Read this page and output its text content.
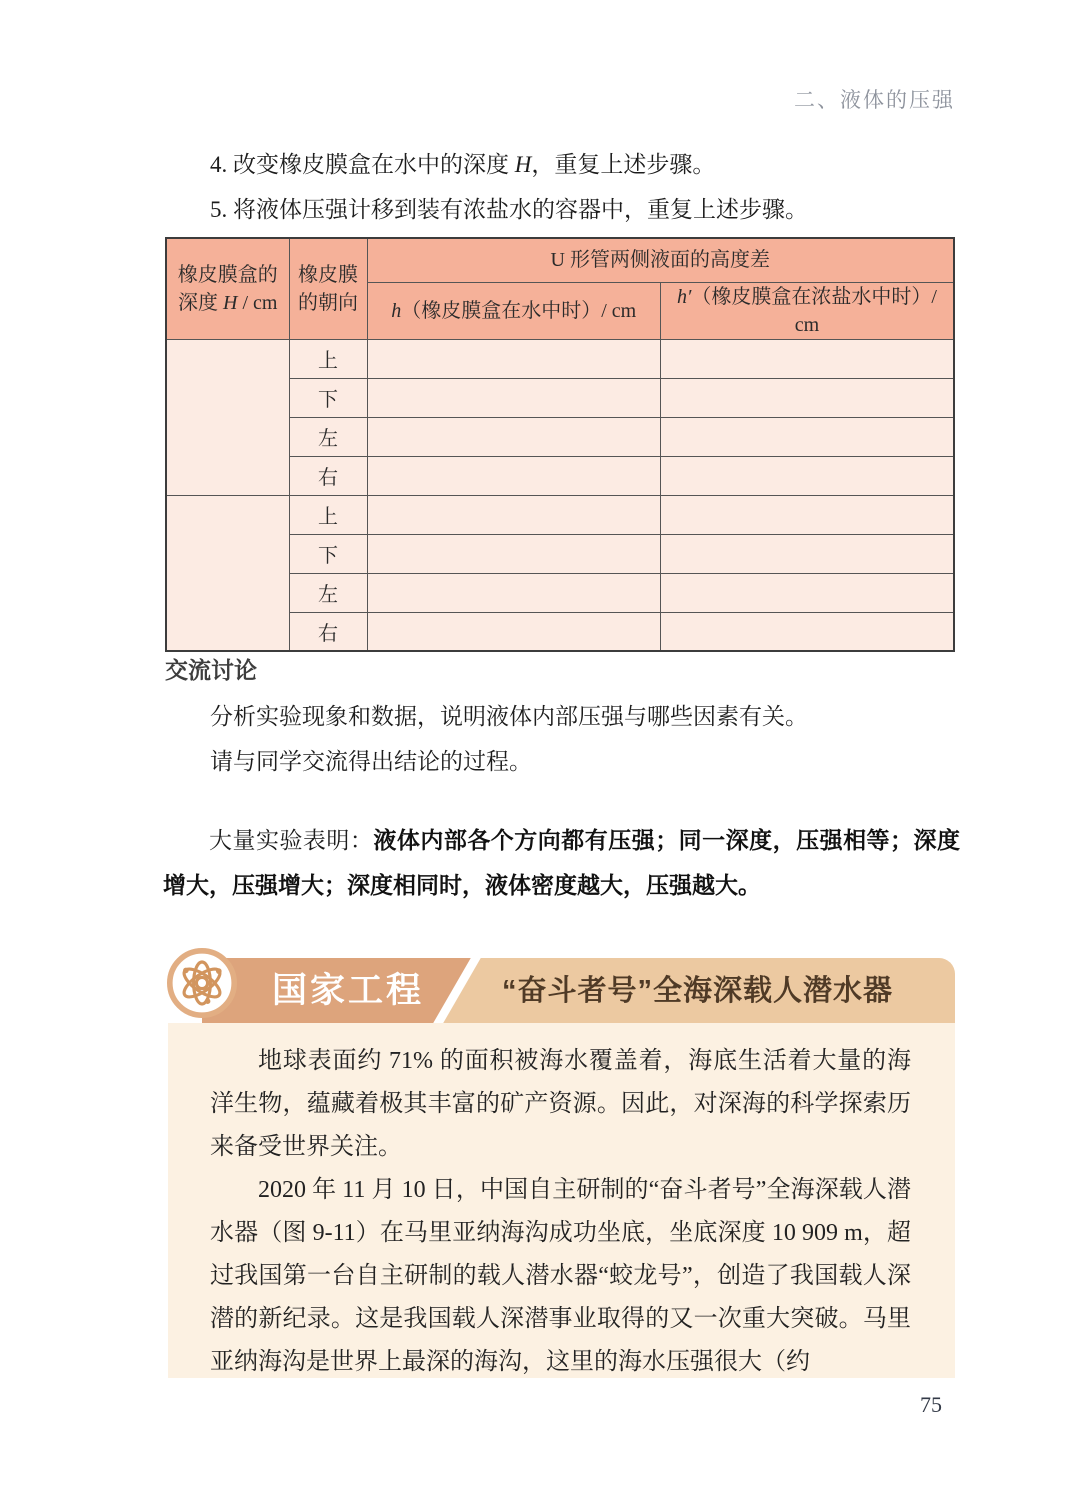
二、液体的压强

4. 改变橡皮膜盒在水中的深度 H，重复上述步骤。

5. 将液体压强计移到装有浓盐水的容器中，重复上述步骤。

橡皮膜盒的
深度 H / cm

橡皮膜
的朝向
	U 形管两侧液面的高度差
		h（橡皮膜盒在水中时）/ cm	h′（橡皮膜盒在浓盐水中时）/ cm
	上		
	下		
	左		
	右		
	上		
	下		
	左		
	右		
交流讨论

分析实验现象和数据，说明液体内部压强与哪些因素有关。

请与同学交流得出结论的过程。

大量实验表明：液体内部各个方向都有压强；同一深度，压强相等；深度增大，压强增大；深度相同时，液体密度越大，压强越大。

国家工程	“奋斗者号”全海深载人潜水器

地球表面约 71% 的面积被海水覆盖着，海底生活着大量的海洋生物，蕴藏着极其丰富的矿产资源。因此，对深海的科学探索历来备受世界关注。

2020 年 11 月 10 日，中国自主研制的“奋斗者号”全海深载人潜水器（图 9-11）在马里亚纳海沟成功坐底，坐底深度 10 909 m，超过我国第一台自主研制的载人潜水器“蛟龙号”，创造了我国载人深潜的新纪录。这是我国载人深潜事业取得的又一次重大突破。马里亚纳海沟是世界上最深的海沟，这里的海水压强很大（约

75
